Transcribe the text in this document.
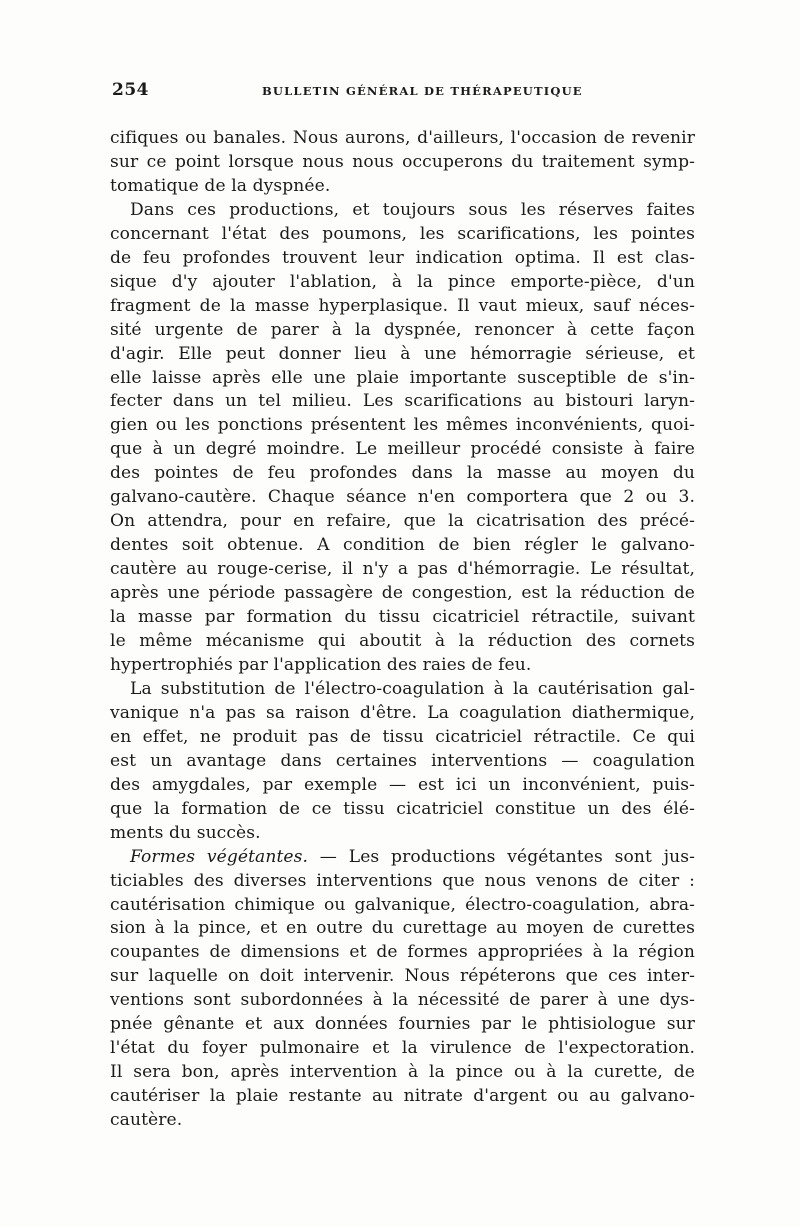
254	BULLETIN GÉNÉRAL DE THÉRAPEUTIQUE
cifiques ou banales. Nous aurons, d'ailleurs, l'occasion de revenir
sur ce point lorsque nous nous occuperons du traitement symp-
tomatique de la dyspnée.
Dans ces productions, et toujours sous les réserves faites
concernant l'état des poumons, les scarifications, les pointes
de feu profondes trouvent leur indication optima. Il est clas-
sique d'y ajouter l'ablation, à la pince emporte-pièce, d'un
fragment de la masse hyperplasique. Il vaut mieux, sauf néces-
sité urgente de parer à la dyspnée, renoncer à cette façon
d'agir. Elle peut donner lieu à une hémorragie sérieuse, et
elle laisse après elle une plaie importante susceptible de s'in-
fecter dans un tel milieu. Les scarifications au bistouri laryn-
gien ou les ponctions présentent les mêmes inconvénients, quoi-
que à un degré moindre. Le meilleur procédé consiste à faire
des pointes de feu profondes dans la masse au moyen du
galvano-cautère. Chaque séance n'en comportera que 2 ou 3.
On attendra, pour en refaire, que la cicatrisation des précé-
dentes soit obtenue. A condition de bien régler le galvano-
cautère au rouge-cerise, il n'y a pas d'hémorragie. Le résultat,
après une période passagère de congestion, est la réduction de
la masse par formation du tissu cicatriciel rétractile, suivant
le même mécanisme qui aboutit à la réduction des cornets
hypertrophiés par l'application des raies de feu.
La substitution de l'électro-coagulation à la cautérisation gal-
vanique n'a pas sa raison d'être. La coagulation diathermique,
en effet, ne produit pas de tissu cicatriciel rétractile. Ce qui
est un avantage dans certaines interventions — coagulation
des amygdales, par exemple — est ici un inconvénient, puis-
que la formation de ce tissu cicatriciel constitue un des élé-
ments du succès.
Formes végétantes. — Les productions végétantes sont jus-
ticiables des diverses interventions que nous venons de citer :
cautérisation chimique ou galvanique, électro-coagulation, abra-
sion à la pince, et en outre du curettage au moyen de curettes
coupantes de dimensions et de formes appropriées à la région
sur laquelle on doit intervenir. Nous répéterons que ces inter-
ventions sont subordonnées à la nécessité de parer à une dys-
pnée gênante et aux données fournies par le phtisiologue sur
l'état du foyer pulmonaire et la virulence de l'expectoration.
Il sera bon, après intervention à la pince ou à la curette, de
cautériser la plaie restante au nitrate d'argent ou au galvano-
cautère.
